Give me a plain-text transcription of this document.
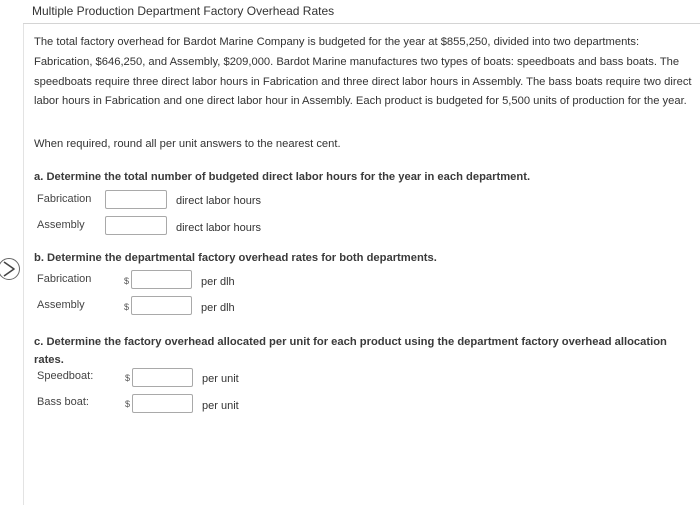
Multiple Production Department Factory Overhead Rates
The total factory overhead for Bardot Marine Company is budgeted for the year at $855,250, divided into two departments: Fabrication, $646,250, and Assembly, $209,000. Bardot Marine manufactures two types of boats: speedboats and bass boats. The speedboats require three direct labor hours in Fabrication and three direct labor hours in Assembly. The bass boats require two direct labor hours in Fabrication and one direct labor hour in Assembly. Each product is budgeted for 5,500 units of production for the year.
When required, round all per unit answers to the nearest cent.
a. Determine the total number of budgeted direct labor hours for the year in each department.
Fabrication	direct labor hours
Assembly	direct labor hours
b. Determine the departmental factory overhead rates for both departments.
Fabrication	$	per dlh
Assembly	$	per dlh
c. Determine the factory overhead allocated per unit for each product using the department factory overhead allocation rates.
Speedboat:	$	per unit
Bass boat:	$	per unit
